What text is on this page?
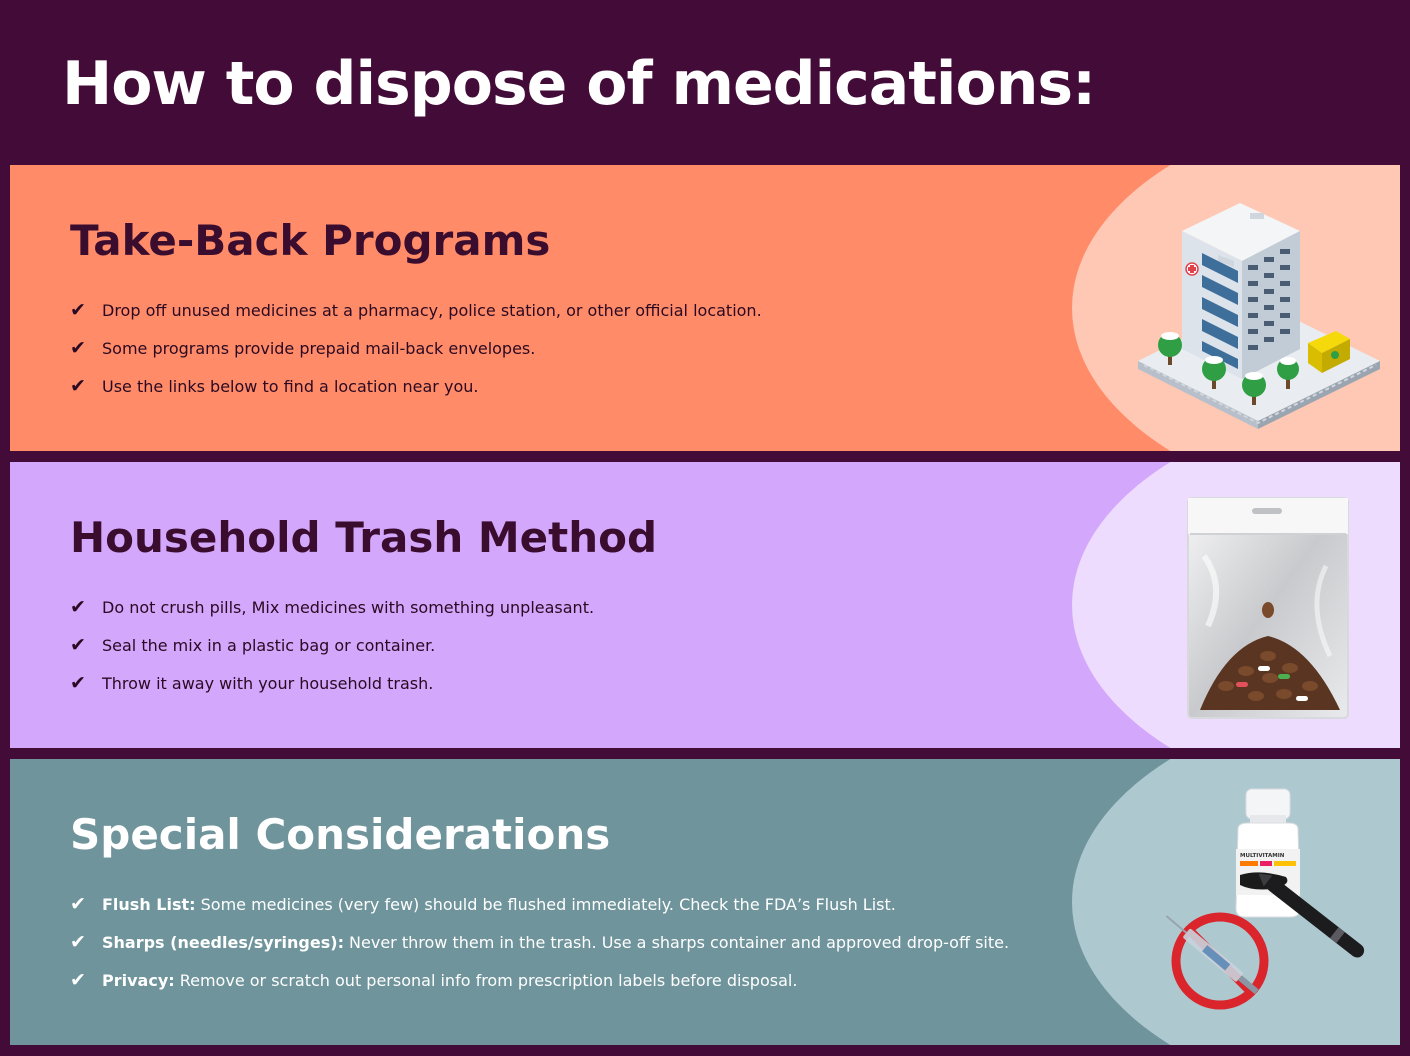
How to dispose of medications:
Take-Back Programs
✔	Drop off unused medicines at a pharmacy, police station, or other official location.
✔	Some programs provide prepaid mail-back envelopes.
✔	Use the links below to find a location near you.
Household Trash Method
✔	Do not crush pills, Mix medicines with something unpleasant.
✔	Seal the mix in a plastic bag or container.
✔	Throw it away with your household trash.
Special Considerations
✔	Flush List: Some medicines (very few) should be flushed immediately. Check the FDA’s Flush List.
✔	Sharps (needles/syringes): Never throw them in the trash. Use a sharps container and approved drop-off site.
✔	Privacy: Remove or scratch out personal info from prescription labels before disposal.
MULTIVITAMIN
